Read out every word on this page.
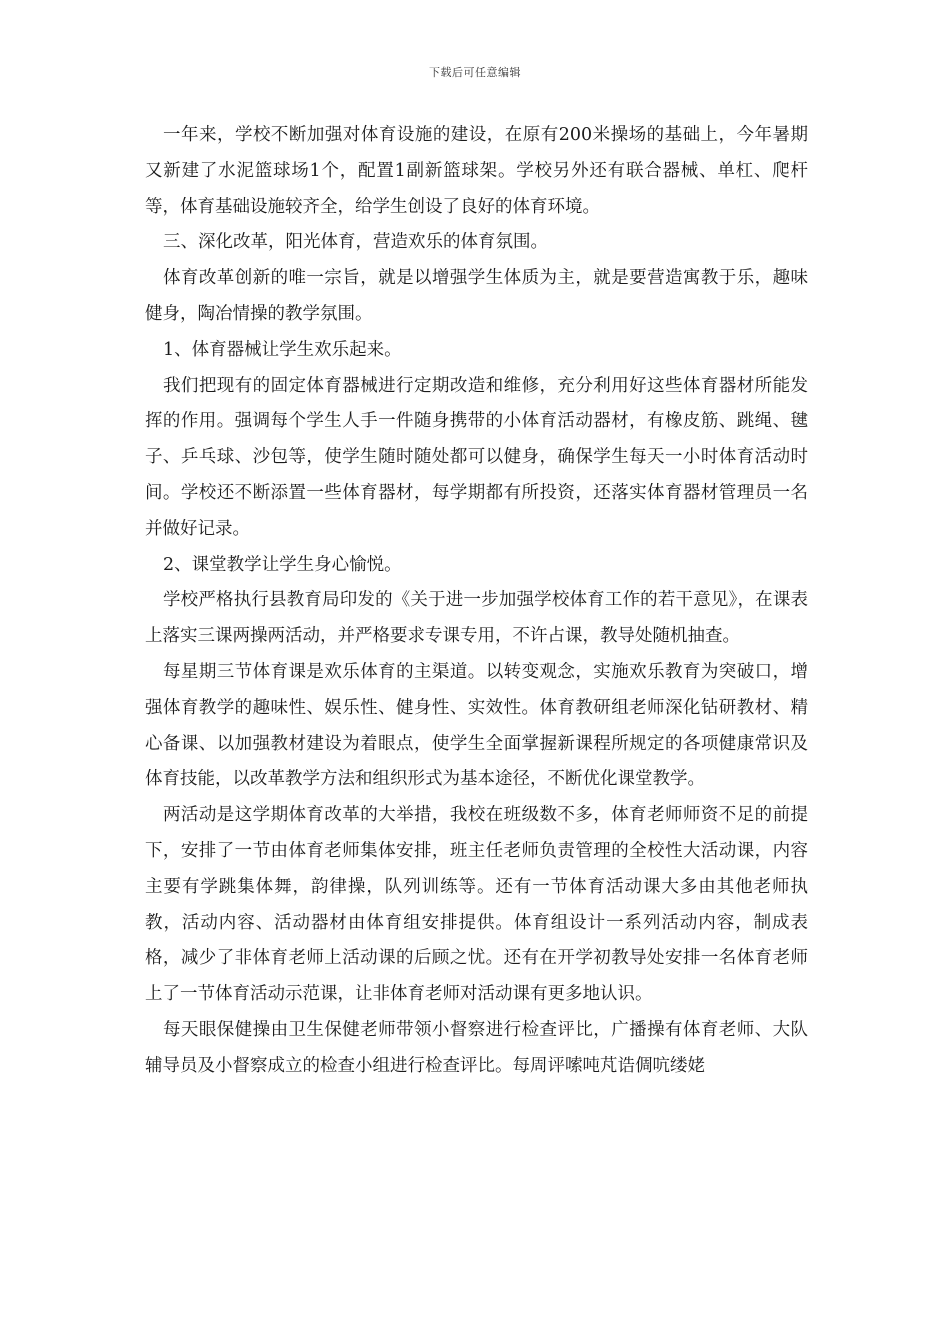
下载后可任意编辑

一年来，学校不断加强对体育设施的建设，在原有200米操场的基础上，今年暑期又新建了水泥篮球场1个，配置1副新篮球架。学校另外还有联合器械、单杠、爬杆等，体育基础设施较齐全，给学生创设了良好的体育环境。

三、深化改革，阳光体育，营造欢乐的体育氛围。

体育改革创新的唯一宗旨，就是以增强学生体质为主，就是要营造寓教于乐，趣味健身，陶冶情操的教学氛围。

1、体育器械让学生欢乐起来。

我们把现有的固定体育器械进行定期改造和维修，充分利用好这些体育器材所能发挥的作用。强调每个学生人手一件随身携带的小体育活动器材，有橡皮筋、跳绳、毽子、乒乓球、沙包等，使学生随时随处都可以健身，确保学生每天一小时体育活动时间。学校还不断添置一些体育器材，每学期都有所投资，还落实体育器材管理员一名并做好记录。

2、课堂教学让学生身心愉悦。

学校严格执行县教育局印发的《关于进一步加强学校体育工作的若干意见》，在课表上落实三课两操两活动，并严格要求专课专用，不许占课，教导处随机抽查。

每星期三节体育课是欢乐体育的主渠道。以转变观念，实施欢乐教育为突破口，增强体育教学的趣味性、娱乐性、健身性、实效性。体育教研组老师深化钻研教材、精心备课、以加强教材建设为着眼点，使学生全面掌握新课程所规定的各项健康常识及体育技能，以改革教学方法和组织形式为基本途径，不断优化课堂教学。

两活动是这学期体育改革的大举措，我校在班级数不多，体育老师师资不足的前提下，安排了一节由体育老师集体安排，班主任老师负责管理的全校性大活动课，内容主要有学跳集体舞，韵律操，队列训练等。还有一节体育活动课大多由其他老师执教，活动内容、活动器材由体育组安排提供。体育组设计一系列活动内容，制成表格，减少了非体育老师上活动课的后顾之忧。还有在开学初教导处安排一名体育老师上了一节体育活动示范课，让非体育老师对活动课有更多地认识。

每天眼保健操由卫生保健老师带领小督察进行检查评比，广播操有体育老师、大队辅导员及小督察成立的检查小组进行检查评比。每周评嗦吨芃诰倜吭缕姥
